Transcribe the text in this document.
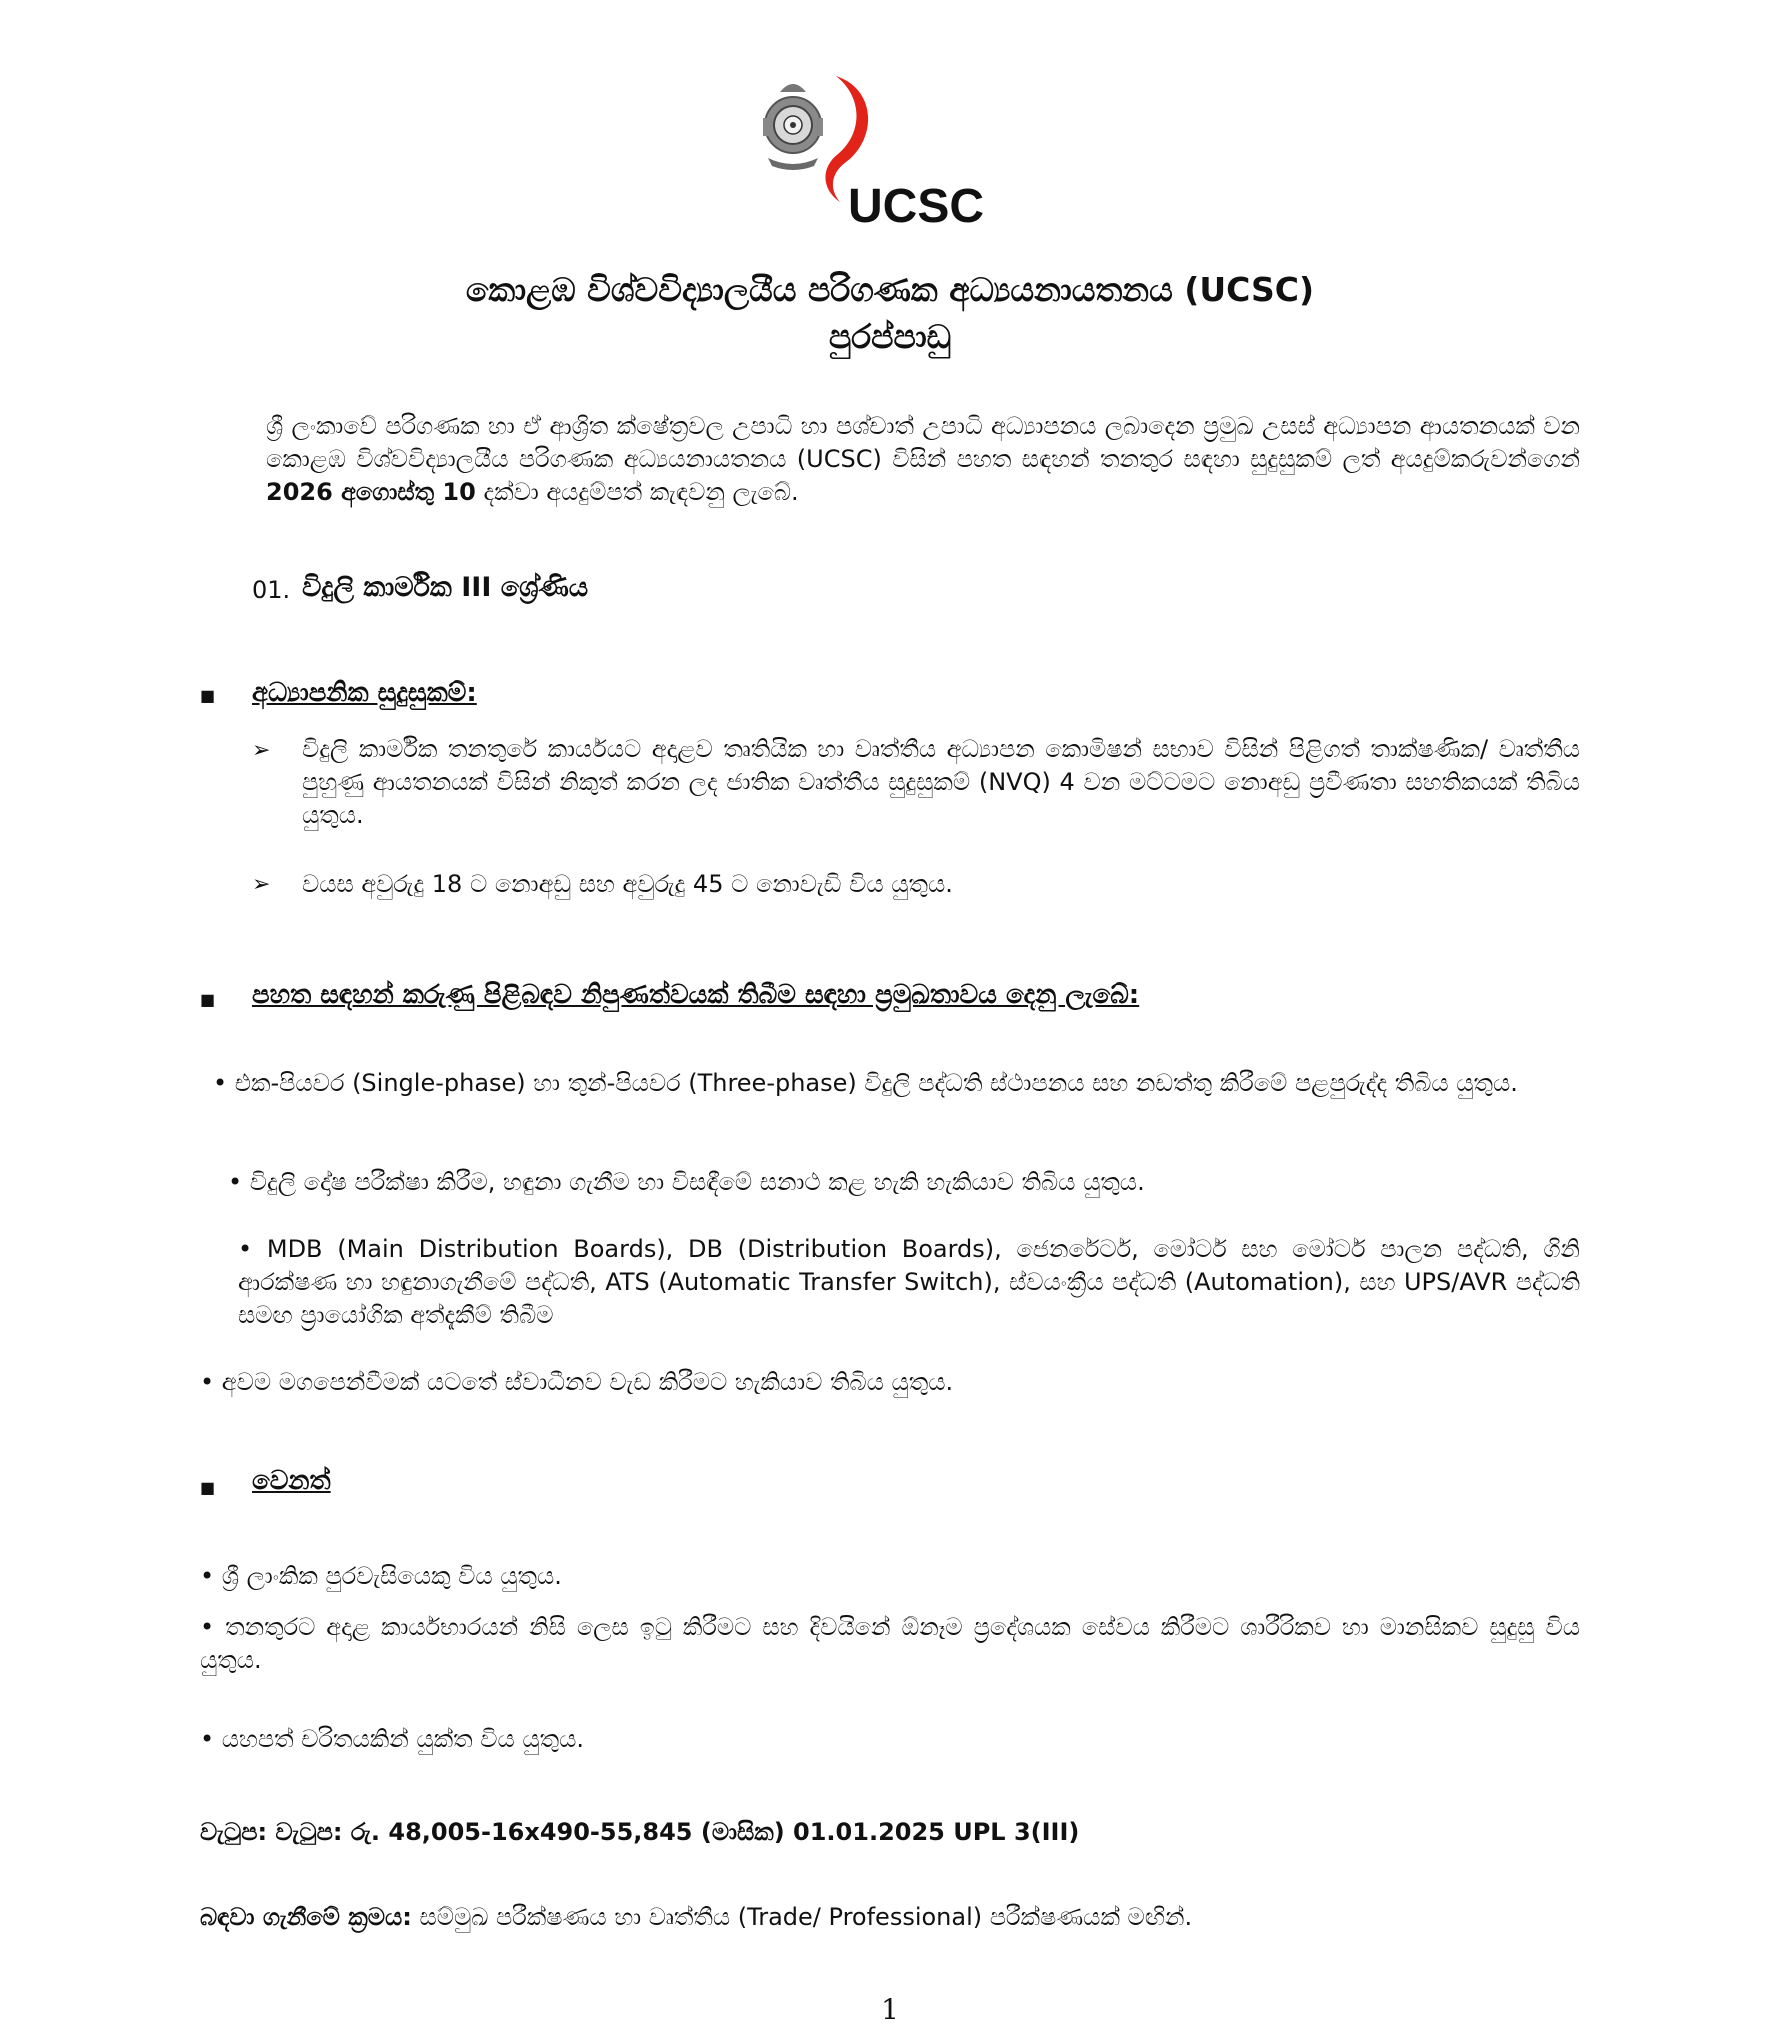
UCSC
කොළඹ විශ්වවිද්‍යාලයීය පරිගණක අධ්‍යයනායතනය (UCSC)
පුරප්පාඩු
ශ්‍රී ලංකාවේ පරිගණක හා ඒ ආශ්‍රිත ක්ෂේත්‍රවල උපාධි හා පශ්චාත් උපාධි අධ්‍යාපනය ලබාදෙන ප්‍රමුඛ උසස් අධ්‍යාපන ආයතනයක් වන කොළඹ විශ්වවිද්‍යාලයීය පරිගණක අධ්‍යයනායතනය (UCSC) විසින් පහත සඳහන් තනතුර සඳහා සුදුසුකම් ලත් අයදුම්කරුවන්ගෙන් 2026 අගොස්තු 10 දක්වා අයදුම්පත් කැඳවනු ලැබේ.
01. විදුලි කාර්මික III ශ්‍රේණිය
■ අධ්‍යාපනික සුදුසුකම්:
➢ විදුලි කාර්මික තනතුරේ කාර්යයට අදාළව තෘතියික හා වෘත්තීය අධ්‍යාපන කොමිෂන් සභාව විසින් පිළිගත් තාක්ෂණික/ වෘත්තීය පුහුණු ආයතනයක් විසින් නිකුත් කරන ලද ජාතික වෘත්තීය සුදුසුකම් (NVQ) 4 වන මට්ටමට නොඅඩු ප්‍රවීණතා සහතිකයක් තිබිය යුතුය.
➢ වයස අවුරුදු 18 ට නොඅඩු සහ අවුරුදු 45 ට නොවැඩි විය යුතුය.
■ පහත සඳහන් කරුණු පිළිබඳව නිපුණත්වයක් තිබීම සඳහා ප්‍රමුඛතාවය දෙනු ලැබේ:
• එක-පියවර (Single-phase) හා තුන්-පියවර (Three-phase) විදුලි පද්ධති ස්ථාපනය සහ නඩත්තු කිරීමේ පළපුරුද්ද තිබිය යුතුය.
• විදුලි දෝෂ පරීක්ෂා කිරීම, හඳුනා ගැනීම හා විසඳීමේ සනාථ කළ හැකි හැකියාව තිබිය යුතුය.
• MDB (Main Distribution Boards), DB (Distribution Boards), ජෙනරේටර්, මෝටර් සහ මෝටර් පාලන පද්ධති, ගිනි ආරක්ෂණ හා හඳුනාගැනීමේ පද්ධති, ATS (Automatic Transfer Switch), ස්වයංක්‍රීය පද්ධති (Automation), සහ UPS/AVR පද්ධති සමඟ ප්‍රායෝගික අත්දැකීම් තිබීම
• අවම මගපෙන්වීමක් යටතේ ස්වාධීනව වැඩ කිරීමට හැකියාව තිබිය යුතුය.
■ වෙනත්
• ශ්‍රී ලාංකික පුරවැසියෙකු විය යුතුය.
• තනතුරට අදාළ කාර්යභාරයන් නිසි ලෙස ඉටු කිරීමට සහ දිවයිනේ ඕනෑම ප්‍රදේශයක සේවය කිරීමට ශාරීරිකව හා මානසිකව සුදුසු විය යුතුය.
• යහපත් චරිතයකින් යුක්ත විය යුතුය.
වැටුප: වැටුප: රු. 48,005-16x490-55,845 (මාසික) 01.01.2025 UPL 3(III)
බඳවා ගැනීමේ ක්‍රමය: සම්මුඛ පරීක්ෂණය හා වෘත්තීය (Trade/ Professional) පරීක්ෂණයක් මඟින්.
1
